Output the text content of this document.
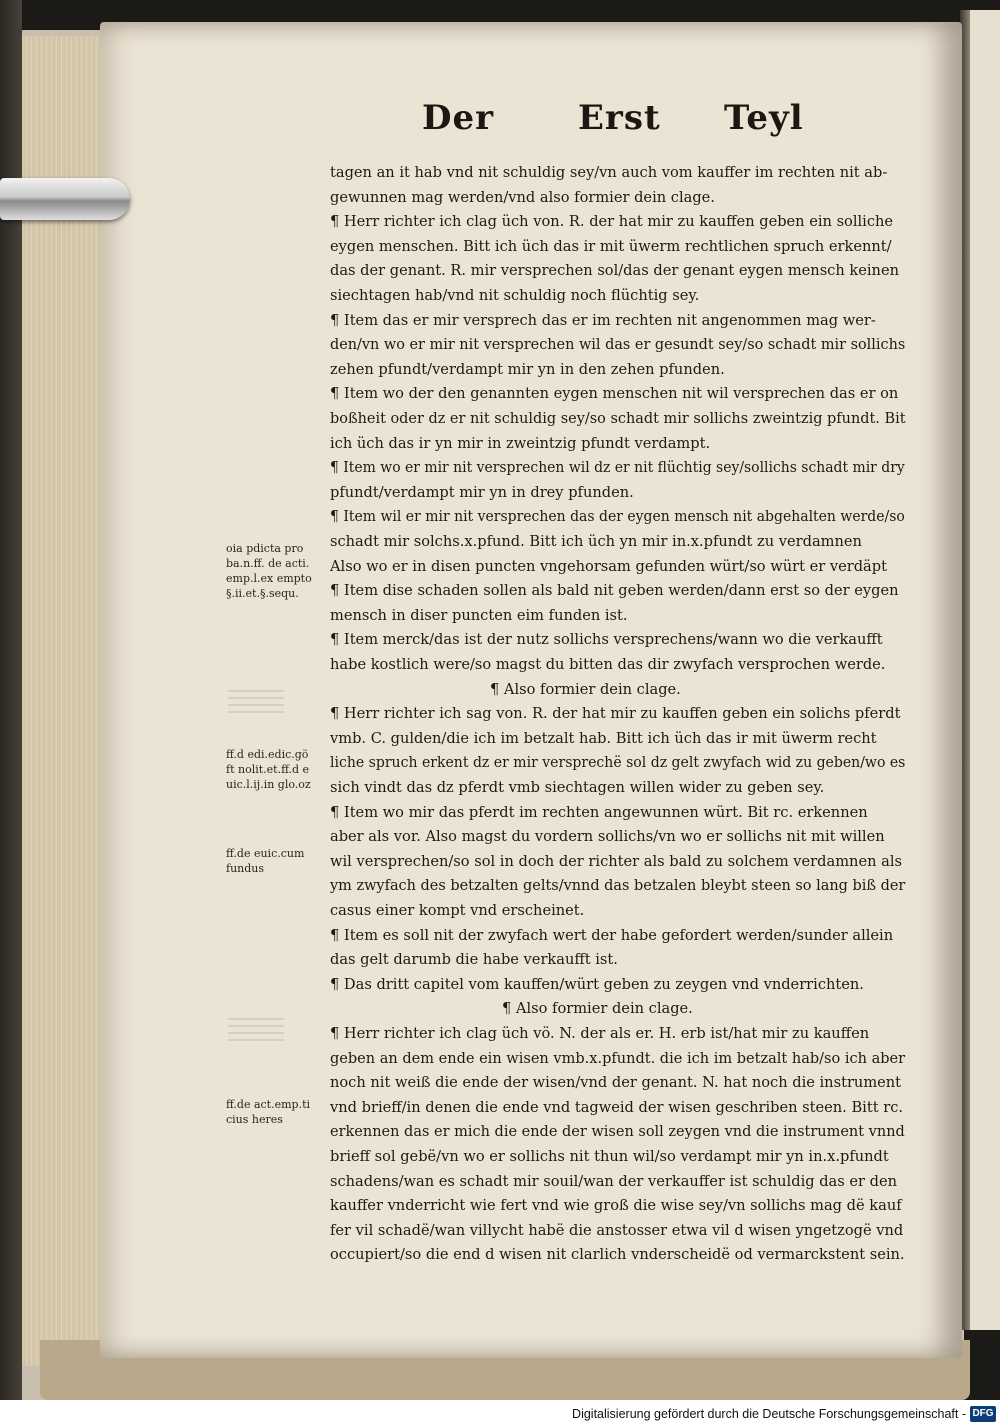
Der Erst Teyl
tagen an it hab vnd nit schuldig sey/vn auch vom kauffer im rechten nit ab-
gewunnen mag werden/vnd also formier dein clage.
¶ Herr richter ich clag üch von. R. der hat mir zu kauffen geben ein solliche
eygen menschen. Bitt ich üch das ir mit üwerm rechtlichen spruch erkennt/
das der genant. R. mir versprechen sol/das der genant eygen mensch keinen
siechtagen hab/vnd nit schuldig noch flüchtig sey.
¶ Item das er mir versprech das er im rechten nit angenommen mag wer-
den/vn wo er mir nit versprechen wil das er gesundt sey/so schadt mir sollichs
zehen pfundt/verdampt mir yn in den zehen pfunden.
¶ Item wo der den genannten eygen menschen nit wil versprechen das er on
boßheit oder dz er nit schuldig sey/so schadt mir sollichs zweintzig pfundt. Bit
ich üch das ir yn mir in zweintzig pfundt verdampt.
¶ Item wo er mir nit versprechen wil dz er nit flüchtig sey/sollichs schadt mir dry
pfundt/verdampt mir yn in drey pfunden.
¶ Item wil er mir nit versprechen das der eygen mensch nit abgehalten werde/so
schadt mir solchs.x.pfund. Bitt ich üch yn mir in.x.pfundt zu verdamnen
Also wo er in disen puncten vngehorsam gefunden würt/so würt er verdäpt
¶ Item dise schaden sollen als bald nit geben werden/dann erst so der eygen
mensch in diser puncten eim funden ist.
¶ Item merck/das ist der nutz sollichs versprechens/wann wo die verkaufft
habe kostlich were/so magst du bitten das dir zwyfach versprochen werde.
¶ Also formier dein clage.
¶ Herr richter ich sag von. R. der hat mir zu kauffen geben ein solichs pferdt
vmb. C. gulden/die ich im betzalt hab. Bitt ich üch das ir mit üwerm recht
liche spruch erkent dz er mir versprechë sol dz gelt zwyfach wid zu geben/wo es
sich vindt das dz pferdt vmb siechtagen willen wider zu geben sey.
¶ Item wo mir das pferdt im rechten angewunnen würt. Bit rc. erkennen
aber als vor. Also magst du vordern sollichs/vn wo er sollichs nit mit willen
wil versprechen/so sol in doch der richter als bald zu solchem verdamnen als
ym zwyfach des betzalten gelts/vnnd das betzalen bleybt steen so lang biß der
casus einer kompt vnd erscheinet.
¶ Item es soll nit der zwyfach wert der habe gefordert werden/sunder allein
das gelt darumb die habe verkaufft ist.
¶ Das dritt capitel vom kauffen/würt geben zu zeygen vnd vnderrichten.
¶ Also formier dein clage.
¶ Herr richter ich clag üch vö. N. der als er. H. erb ist/hat mir zu kauffen
geben an dem ende ein wisen vmb.x.pfundt. die ich im betzalt hab/so ich aber
noch nit weiß die ende der wisen/vnd der genant. N. hat noch die instrument
vnd brieff/in denen die ende vnd tagweid der wisen geschriben steen. Bitt rc.
erkennen das er mich die ende der wisen soll zeygen vnd die instrument vnnd
brieff sol gebë/vn wo er sollichs nit thun wil/so verdampt mir yn in.x.pfundt
schadens/wan es schadt mir souil/wan der verkauffer ist schuldig das er den
kauffer vnderricht wie fert vnd wie groß die wise sey/vn sollichs mag dë kauf
fer vil schadë/wan villycht habë die anstosser etwa vil d wisen yngetzogë vnd
occupiert/so die end d wisen nit clarlich vnderscheidë od vermarckstent sein.
oia pdicta pro
ba.n.ff. de acti.
emp.l.ex empto
§.ii.et.§.sequ.
ff.d edi.edic.gö
ft nolit.et.ff.d e
uic.l.ij.in glo.oz
ff.de euic.cum
fundus
ff.de act.emp.ti
cius heres
Digitalisierung gefördert durch die Deutsche Forschungsgemeinschaft - DFG
